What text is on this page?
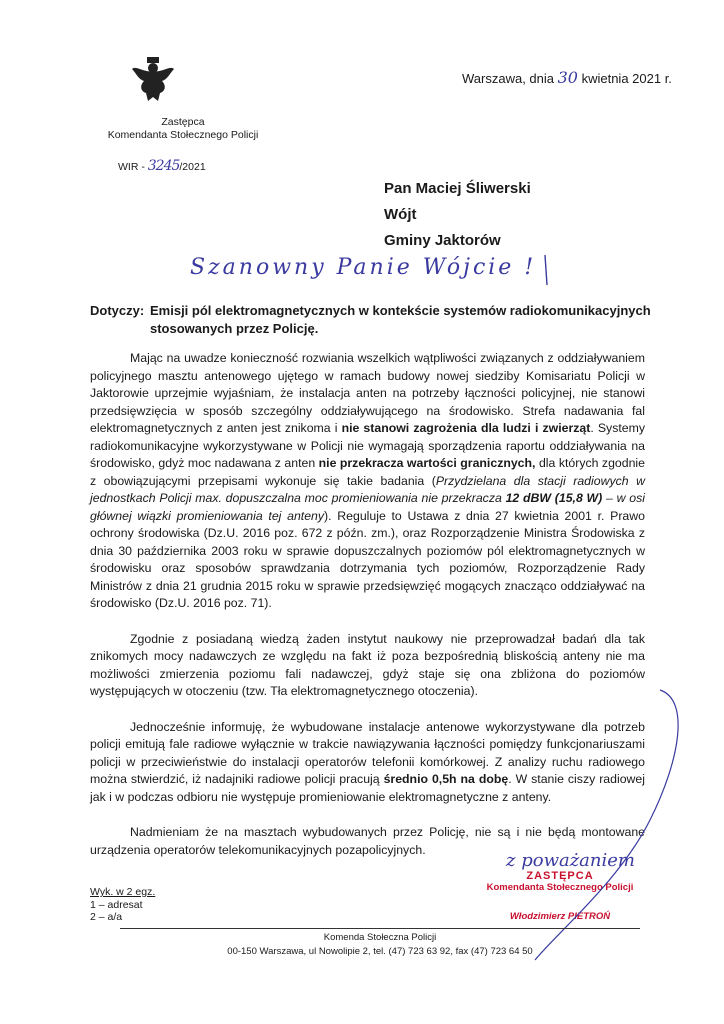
Zastępca
Komendanta Stołecznego Policji
WIR - 3245/2021
Warszawa, dnia 30 kwietnia 2021 r.
Pan Maciej Śliwerski
Wójt
Gminy Jaktorów
Szanowny Panie Wójcie !
Dotyczy: Emisji pól elektromagnetycznych w kontekście systemów radiokomunikacyjnych stosowanych przez Policję.

Mając na uwadze konieczność rozwiania wszelkich wątpliwości związanych z oddziaływaniem policyjnego masztu antenowego ujętego w ramach budowy nowej siedziby Komisariatu Policji w Jaktorowie uprzejmie wyjaśniam, że instalacja anten na potrzeby łączności policyjnej, nie stanowi przedsięwzięcia w sposób szczególny oddziaływującego na środowisko. Strefa nadawania fal elektromagnetycznych z anten jest znikoma i nie stanowi zagrożenia dla ludzi i zwierząt. Systemy radiokomunikacyjne wykorzystywane w Policji nie wymagają sporządzenia raportu oddziaływania na środowisko, gdyż moc nadawana z anten nie przekracza wartości granicznych, dla których zgodnie z obowiązującymi przepisami wykonuje się takie badania (Przydzielana dla stacji radiowych w jednostkach Policji max. dopuszczalna moc promieniowania nie przekracza 12 dBW (15,8 W) – w osi głównej wiązki promieniowania tej anteny). Reguluje to Ustawa z dnia 27 kwietnia 2001 r. Prawo ochrony środowiska (Dz.U. 2016 poz. 672 z późn. zm.), oraz Rozporządzenie Ministra Środowiska z dnia 30 października 2003 roku w sprawie dopuszczalnych poziomów pól elektromagnetycznych w środowisku oraz sposobów sprawdzania dotrzymania tych poziomów, Rozporządzenie Rady Ministrów z dnia 21 grudnia 2015 roku w sprawie przedsięwzięć mogących znacząco oddziaływać na środowisko (Dz.U. 2016 poz. 71).

Zgodnie z posiadaną wiedzą żaden instytut naukowy nie przeprowadzał badań dla tak znikomych mocy nadawczych ze względu na fakt iż poza bezpośrednią bliskością anteny nie ma możliwości zmierzenia poziomu fali nadawczej, gdyż staje się ona zbliżona do poziomów występujących w otoczeniu (tzw. Tła elektromagnetycznego otoczenia).

Jednocześnie informuję, że wybudowane instalacje antenowe wykorzystywane dla potrzeb policji emitują fale radiowe wyłącznie w trakcie nawiązywania łączności pomiędzy funkcjonariuszami policji w przeciwieństwie do instalacji operatorów telefonii komórkowej. Z analizy ruchu radiowego można stwierdzić, iż nadajniki radiowe policji pracują średnio 0,5h na dobę. W stanie ciszy radiowej jak i w podczas odbioru nie występuje promieniowanie elektromagnetyczne z anteny.

Nadmieniam że na masztach wybudowanych przez Policję, nie są i nie będą montowane urządzenia operatorów telekomunikacyjnych pozapolicyjnych.

z poważaniem
ZASTĘPCA
Komendanta Stołecznego Policji
Włodzimierz PIETROŃ
Wyk. w 2 egz.
1 – adresat
2 – a/a
Komenda Stołeczna Policji
00-150 Warszawa, ul Nowolipie 2, tel. (47) 723 63 92, fax (47) 723 64 50
